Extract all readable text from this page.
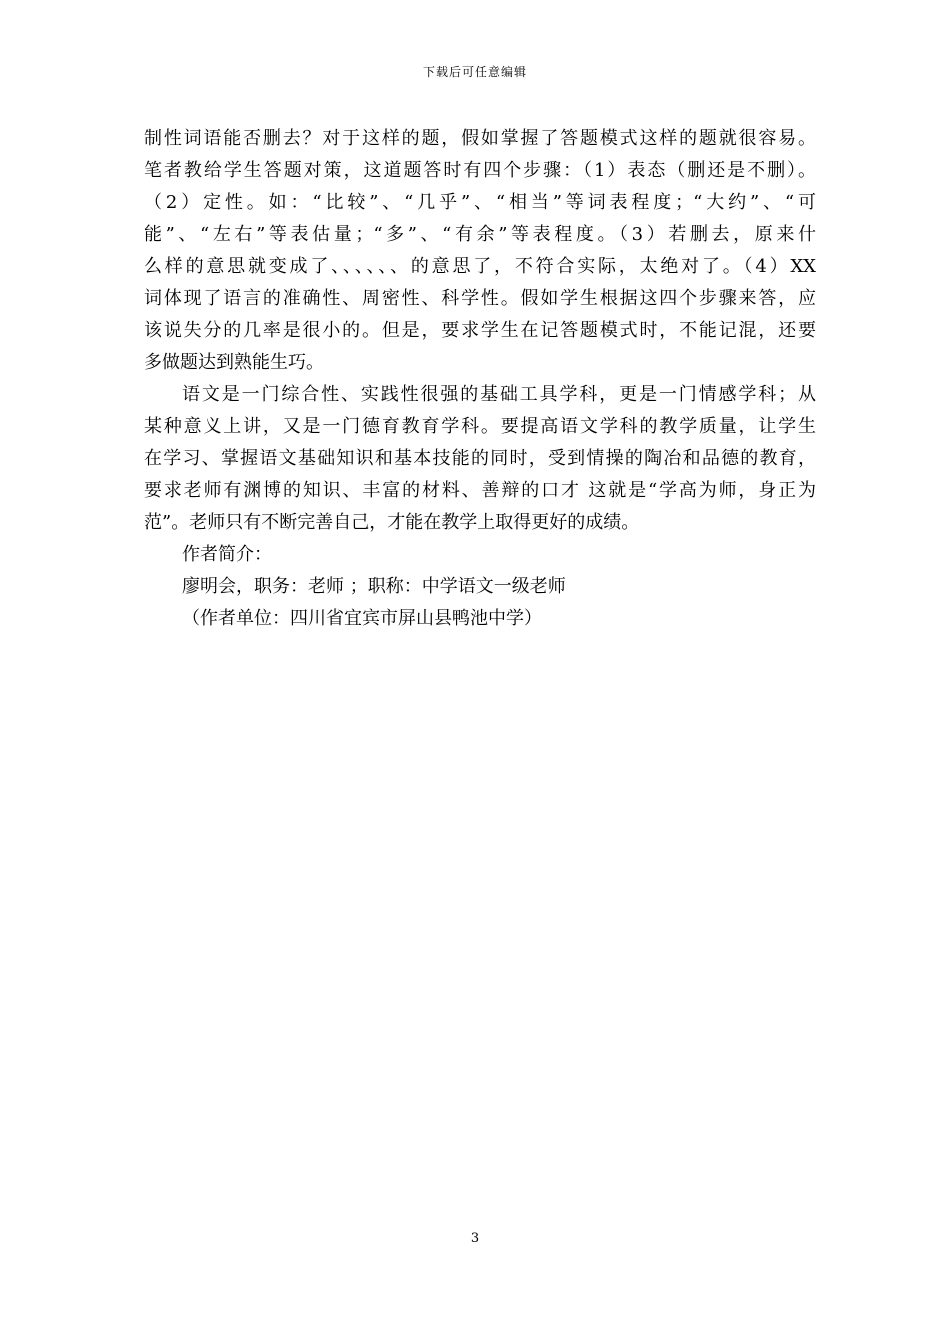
下载后可任意编辑
制性词语能否删去？对于这样的题，假如掌握了答题模式这样的题就很容易。
笔者教给学生答题对策，这道题答时有四个步骤：（1）表态（删还是不删）。
（2）定性。如：“比较”、“几乎”、“相当”等词表程度；“大约”、“可
能”、“左右”等表估量；“多”、“有余”等表程度。（3）若删去，原来什
么样的意思就变成了、、、、、、的意思了，不符合实际，太绝对了。（4）XX
词体现了语言的准确性、周密性、科学性。假如学生根据这四个步骤来答，应
该说失分的几率是很小的。但是，要求学生在记答题模式时，不能记混，还要
多做题达到熟能生巧。
语文是一门综合性、实践性很强的基础工具学科，更是一门情感学科；从
某种意义上讲，又是一门德育教育学科。要提高语文学科的教学质量，让学生
在学习、掌握语文基础知识和基本技能的同时，受到情操的陶冶和品德的教育，
要求老师有渊博的知识、丰富的材料、善辩的口才 这就是“学高为师，身正为
范”。老师只有不断完善自己，才能在教学上取得更好的成绩。
作者简介：
廖明会，职务：老师 ；职称：中学语文一级老师
（作者单位：四川省宜宾市屏山县鸭池中学）
3
